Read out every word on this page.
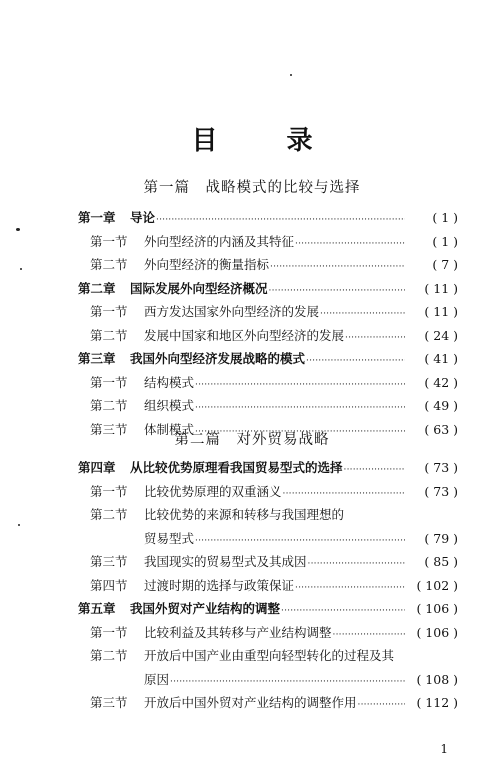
目 录
第一篇　战略模式的比较与选择
第一章	导论 ·····	( 1 )
第一节	外向型经济的内涵及其特征 ·····	( 1 )
第二节	外向型经济的衡量指标 ·····	( 7 )
第二章	国际发展外向型经济概况 ·····	( 11 )
第一节	西方发达国家外向型经济的发展 ·····	( 11 )
第二节	发展中国家和地区外向型经济的发展 ·····	( 24 )
第三章	我国外向型经济发展战略的模式 ·····	( 41 )
第一节	结构模式 ·····	( 42 )
第二节	组织模式 ·····	( 49 )
第三节	体制模式 ·····	( 63 )
第二篇　对外贸易战略
第四章	从比较优势原理看我国贸易型式的选择 ·····	( 73 )
第一节	比较优势原理的双重涵义 ·····	( 73 )
第二节	比较优势的来源和转移与我国理想的
贸易型式 ·····	( 79 )
第三节	我国现实的贸易型式及其成因 ·····	( 85 )
第四节	过渡时期的选择与政策保证 ·····	( 102 )
第五章	我国外贸对产业结构的调整 ·····	( 106 )
第一节	比较利益及其转移与产业结构调整 ·····	( 106 )
第二节	开放后中国产业由重型向轻型转化的过程及其
原因 ·····	( 108 )
第三节	开放后中国外贸对产业结构的调整作用 ·····	( 112 )
1
